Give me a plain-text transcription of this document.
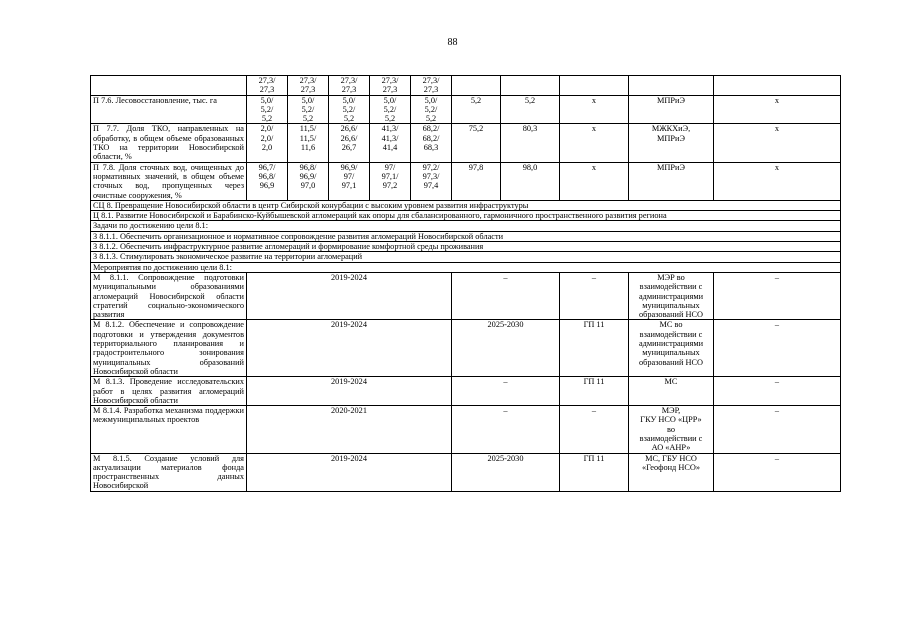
88

	27,3/
27,3	27,3/
27,3	27,3/
27,3	27,3/
27,3	27,3/
27,3					

П 7.6. Лесовосстановление, тыс. га	5,0/
5,2/
5,2	5,0/
5,2/
5,2	5,0/
5,2/
5,2	5,0/
5,2/
5,2	5,0/
5,2/
5,2	5,2	5,2	х	МПРиЭ	х
П 7.7. Доля ТКО, направленных на обработку, в общем объеме образованных ТКО на территории Новосибирской области, %	2,0/
2,0/
2,0	11,5/
11,5/
11,6	26,6/
26,6/
26,7	41,3/
41,3/
41,4	68,2/
68,2/
68,3	75,2	80,3	х	МЖКХиЭ,
МПРиЭ	х
П 7.8. Доля сточных вод, очищенных до нормативных значений, в общем объеме сточных вод, пропущенных через очистные сооружения, %	96,7/
96,8/
96,9	96,8/
96,9/
97,0	96,9/
97/
97,1	97/
97,1/
97,2	97,2/
97,3/
97,4	97,8	98,0	х	МПРиЭ	х
СЦ 8. Превращение Новосибирской области в центр Сибирской конурбации с высоким уровнем развития инфраструктуры										
Ц 8.1. Развитие Новосибирской и Барабинско-Куйбышевской агломераций как опоры для сбалансированного, гармоничного пространственного развития региона										
Задачи по достижению цели 8.1:										
З 8.1.1. Обеспечить организационное и нормативное сопровождение развития агломераций Новосибирской области										
З 8.1.2. Обеспечить инфраструктурное развитие агломераций и формирование комфортной среды проживания										
З 8.1.3. Стимулировать экономическое развитие на территории агломераций										
Мероприятия по достижению цели 8.1:										
М 8.1.1. Сопровождение подготовки муниципальными образованиями агломераций Новосибирской области стратегий социально-экономического развития	2019-2024					–		–	МЭР во
взаимодействии с
администрациями
муниципальных
образований НСО	–
М 8.1.2. Обеспечение и сопровождение подготовки и утверждения документов территориального планирования и градостроительного зонирования муниципальных образований Новосибирской области	2019-2024					2025-2030		ГП 11	МС во
взаимодействии с
администрациями
муниципальных
образований НСО	–
М 8.1.3. Проведение исследовательских работ в целях развития агломераций Новосибирской области	2019-2024					–		ГП 11	МС	–
М 8.1.4. Разработка механизма поддержки межмуниципальных проектов	2020-2021					–		–	МЭР,
ГКУ НСО «ЦРР»
во
взаимодействии с
АО «АНР»	–
М 8.1.5. Создание условий для актуализации материалов фонда пространственных данных Новосибирской	2019-2024					2025-2030		ГП 11	МС, ГБУ НСО
«Геофонд НСО»	–
